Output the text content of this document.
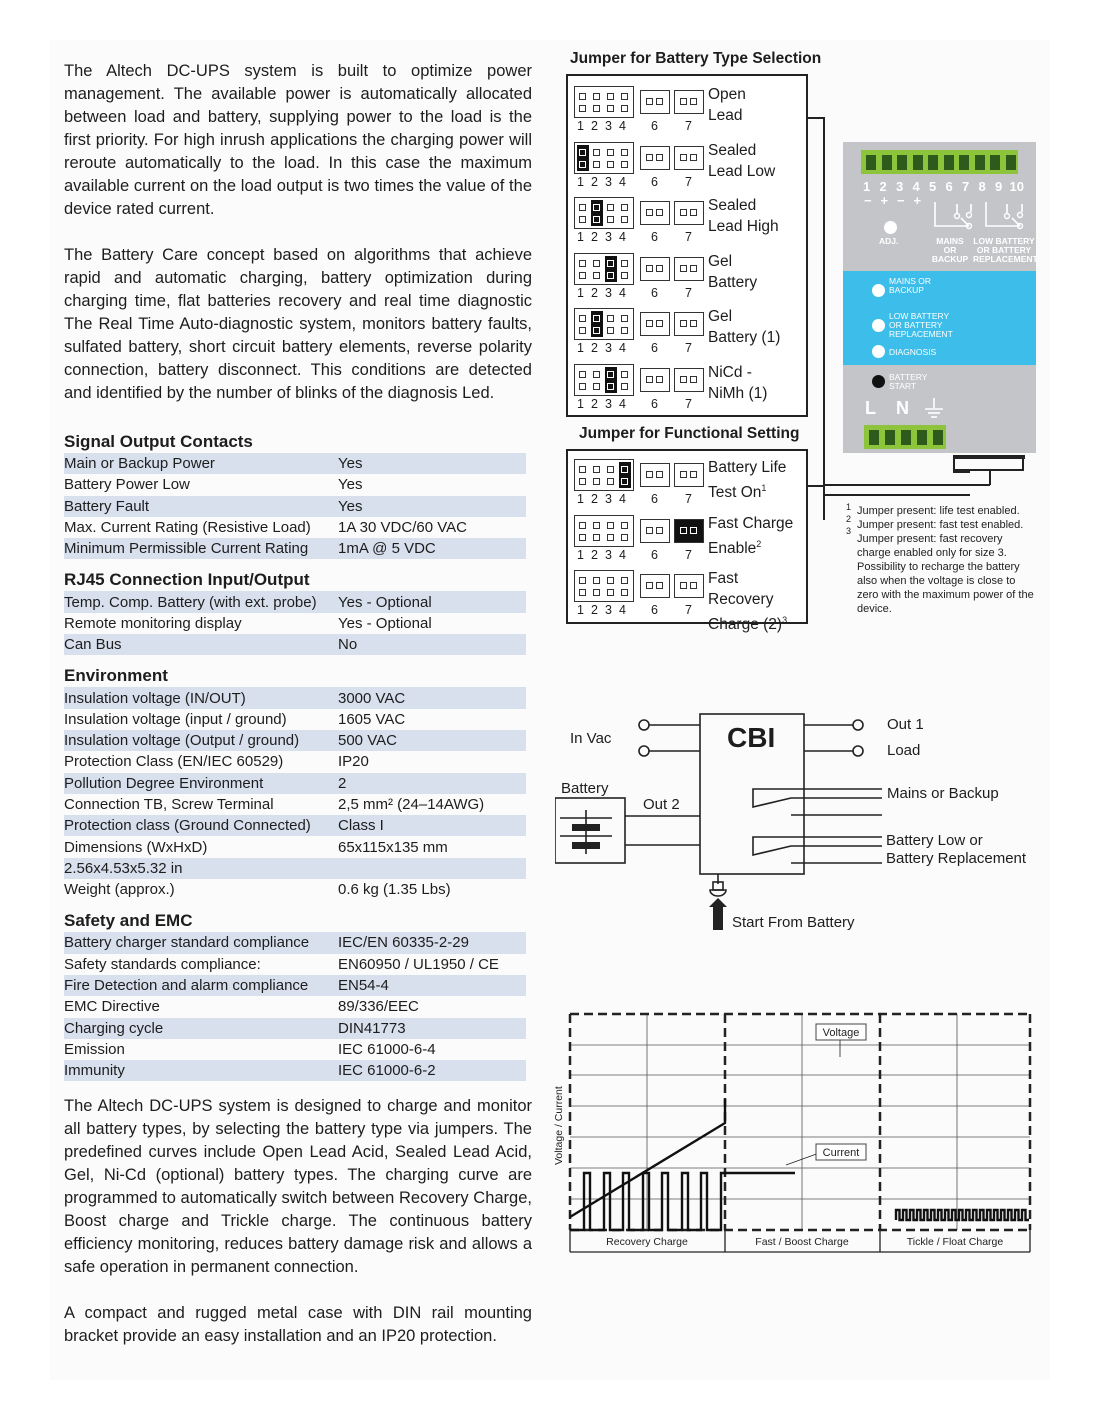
The Altech DC-UPS system is built to optimize power management. The available power is automatically allocated between load and battery, supplying power to the load is the first priority. For high inrush applications the charging power will reroute automatically to the load. In this case the maximum available current on the load output is two times the value of the device rated current.

The Battery Care concept based on algorithms that achieve rapid and automatic charging, battery optimization during charging time, flat batteries recovery and real time diagnostic The Real Time Auto-diagnostic system, monitors battery faults, sulfated battery, short circuit battery elements, reverse polarity connection, battery disconnect. This conditions are detected and identified by the number of blinks of the diagnosis Led.

Signal Output Contacts
Main or Backup Power	Yes
Battery Power Low	Yes
Battery Fault	Yes
Max. Current Rating (Resistive Load)	1A 30 VDC/60 VAC
Minimum Permissible Current Rating	1mA @ 5 VDC
RJ45 Connection Input/Output
Temp. Comp. Battery (with ext. probe)	Yes - Optional
Remote monitoring display	Yes - Optional
Can Bus	No
Environment
Insulation voltage (IN/OUT)	3000 VAC
Insulation voltage (input / ground)	1605 VAC
Insulation voltage (Output / ground)	500 VAC
Protection Class (EN/IEC 60529)	IP20
Pollution Degree Environment	2
Connection TB, Screw Terminal	2,5 mm² (24–14AWG)
Protection class (Ground Connected)	Class I
Dimensions (WxHxD)	65x115x135 mm
2.56x4.53x5.32 in	
Weight (approx.)	0.6 kg (1.35 Lbs)
Safety and EMC
Battery charger standard compliance	IEC/EN 60335-2-29
Safety standards compliance:	EN60950 / UL1950 / CE
Fire Detection and alarm compliance	EN54-4
EMC Directive	89/336/EEC
Charging cycle	DIN41773
Emission	IEC 61000-6-4
Immunity	IEC 61000-6-2

The Altech DC-UPS system is designed to charge and monitor all battery types, by selecting the battery type via jumpers. The predefined curves include Open Lead Acid, Sealed Lead Acid, Gel, Ni-Cd (optional) battery types. The charging curve are programmed to automatically switch between Recovery Charge, Boost charge and Trickle charge. The continuous battery efficiency monitoring, reduces battery damage risk and allows a safe operation in permanent connection.

A compact and rugged metal case with DIN rail mounting bracket provide an easy installation and an IP20 protection.

Jumper for Battery Type Selection
1 2 3 4 6 7
Open
Lead
1 2 3 4 6 7
Sealed
Lead Low
1 2 3 4 6 7
Sealed
Lead High
1 2 3 4 6 7
Gel
Battery
1 2 3 4 6 7
Gel
Battery (1)
1 2 3 4 6 7
NiCd -
NiMh (1)
Jumper for Functional Setting
1 2 3 4 6 7
Battery Life
Test On$^1$
1 2 3 4 6 7
Fast Charge
Enable$^2$
1 2 3 4 6 7
Fast Recovery
Charge $(2)^3$
1 2 3 4 5 6 7 8 9 10
− + − +
ADJ.	MAINS OR BACKUP
LOW BATTERY OR BATTERY REPLACEMENT
MAINS OR BACKUP
LOW BATTERY OR BATTERY REPLACEMENT
DIAGNOSIS
BATTERY START
L N
1 Jumper present: life test enabled.
2 Jumper present: fast test enabled.
3
Jumper present: fast recovery charge enabled only for size 3. Possibility to recharge the battery also when the voltage is close to zero with the maximum power of the device.
CBI
In Vac
Out 1
Load
Battery
Out 2
Mains or Backup
Battery Low or
Battery Replacement
Start From Battery
Voltage
Current
Recovery Charge	Fast / Boost Charge	Tickle / Float Charge
Voltage / Current
